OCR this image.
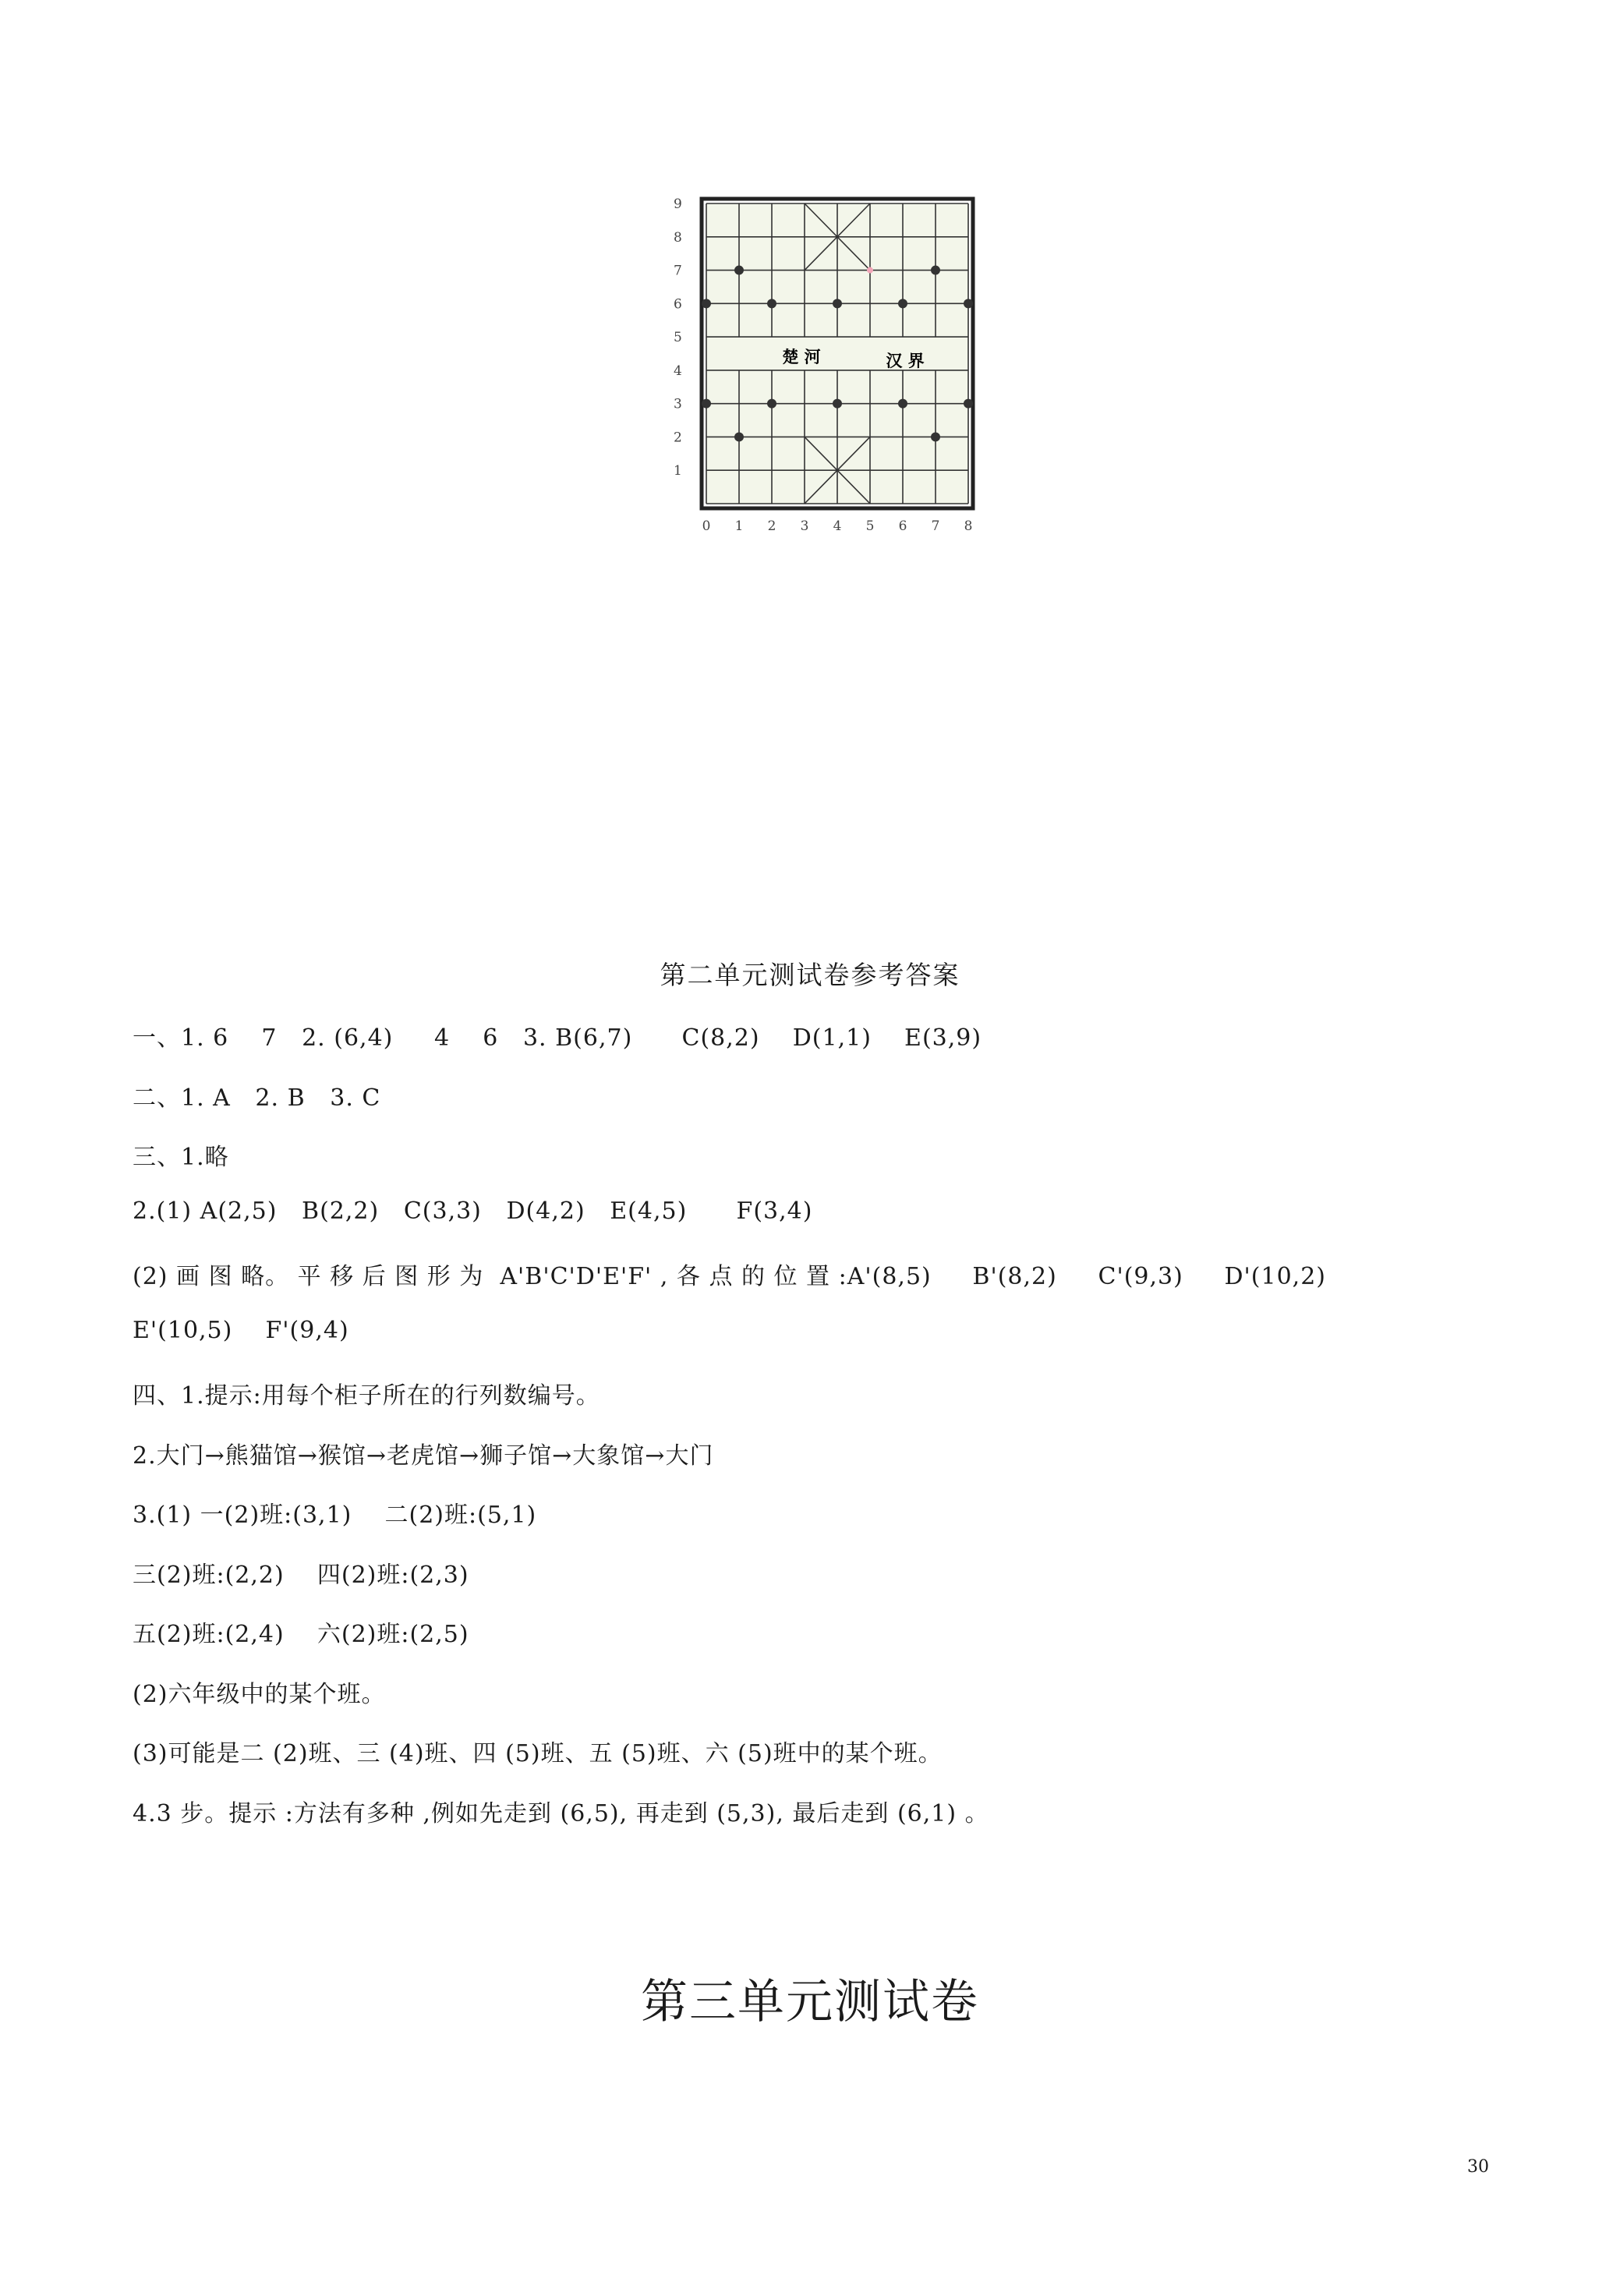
9
8
7
6
5
4
3
2
1
0 1 2 3 4 5 6 7 8
楚 河	汉 界
第二单元测试卷参考答案
一、1. 6    7   2. (6,4)     4    6   3. B(6,7)      C(8,2)    D(1,1)    E(3,9)
二、1. A   2. B   3. C
三、1.略
2.(1) A(2,5)   B(2,2)   C(3,3)   D(4,2)   E(4,5)      F(3,4)
(2) 画 图 略。 平 移 后 图 形 为  A'B'C'D'E'F' , 各 点 的 位 置 :A'(8,5)     B'(8,2)     C'(9,3)     D'(10,2)
E'(10,5)    F'(9,4)
四、1.提示:用每个柜子所在的行列数编号。
2.大门→熊猫馆→猴馆→老虎馆→狮子馆→大象馆→大门
3.(1) 一(2)班:(3,1)    二(2)班:(5,1)
三(2)班:(2,2)    四(2)班:(2,3)
五(2)班:(2,4)    六(2)班:(2,5)
(2)六年级中的某个班。
(3)可能是二 (2)班、三 (4)班、四 (5)班、五 (5)班、六 (5)班中的某个班。
4.3 步。提示 :方法有多种 ,例如先走到 (6,5), 再走到 (5,3), 最后走到 (6,1) 。
第三单元测试卷
30
